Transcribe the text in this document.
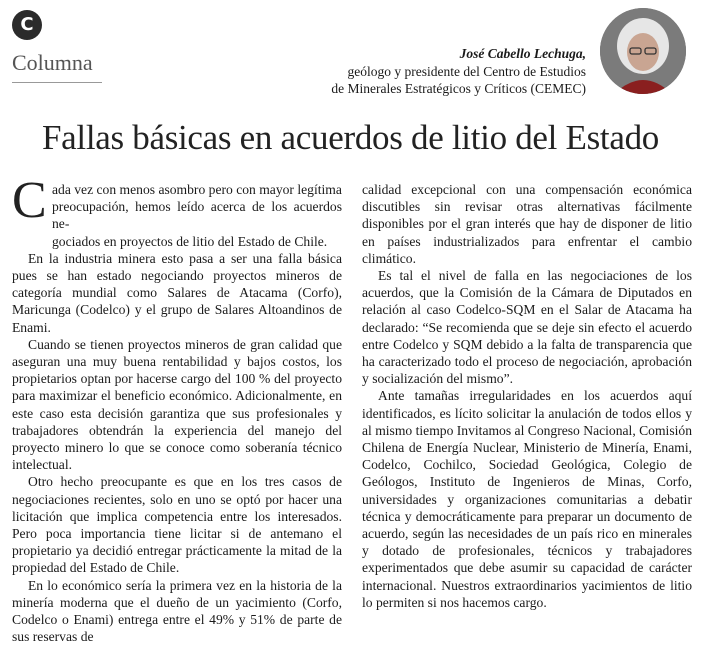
C
Columna	José Cabello Lechuga,
geólogo y presidente del Centro de Estudios
de Minerales Estratégicos y Críticos (CEMEC)
Fallas básicas en acuerdos de litio del Estado
C ada vez con menos asombro pero con mayor legítima

preocupación, hemos leído acerca de los acuerdos ne-

gociados en proyectos de litio del Estado de Chile.

En la industria minera esto pasa a ser una falla básica pues se han estado negociando proyectos mineros de categoría mundial como Salares de Atacama (Corfo), Maricunga (Codelco) y el grupo de Salares Altoandinos de Enami.

Cuando se tienen proyectos mineros de gran calidad que aseguran una muy buena rentabilidad y bajos costos, los propietarios optan por hacerse cargo del 100 % del proyecto para maximizar el beneficio económico. Adicionalmente, en este caso esta decisión garantiza que sus profesionales y trabajadores obtendrán la experiencia del manejo del proyecto minero lo que se conoce como soberanía técnico intelectual.

Otro hecho preocupante es que en los tres casos de negociaciones recientes, solo en uno se optó por hacer una licitación que implica competencia entre los interesados. Pero poca importancia tiene licitar si de antemano el propietario ya decidió entregar prácticamente la mitad de la propiedad del Estado de Chile.

En lo económico sería la primera vez en la historia de la minería moderna que el dueño de un yacimiento (Corfo, Codelco o Enami) entrega entre el 49% y 51% de parte de sus reservas de

calidad excepcional con una compensación económica discutibles sin revisar otras alternativas fácilmente disponibles por el gran interés que hay de disponer de litio en países industrializados para enfrentar el cambio climático.

Es tal el nivel de falla en las negociaciones de los acuerdos, que la Comisión de la Cámara de Diputados en relación al caso Codelco-SQM en el Salar de Atacama ha declarado: “Se recomienda que se deje sin efecto el acuerdo entre Codelco y SQM debido a la falta de transparencia que ha caracterizado todo el proceso de negociación, aprobación y socialización del mismo”.

Ante tamañas irregularidades en los acuerdos aquí identificados, es lícito solicitar la anulación de todos ellos y al mismo tiempo Invitamos al Congreso Nacional, Comisión Chilena de Energía Nuclear, Ministerio de Minería, Enami, Codelco, Cochilco, Sociedad Geológica, Colegio de Geólogos, Instituto de Ingenieros de Minas, Corfo, universidades y organizaciones comunitarias a debatir técnica y democráticamente para preparar un documento de acuerdo, según las necesidades de un país rico en minerales y dotado de profesionales, técnicos y trabajadores experimentados que debe asumir su capacidad de carácter internacional. Nuestros extraordinarios yacimientos de litio lo permiten si nos hacemos cargo.
